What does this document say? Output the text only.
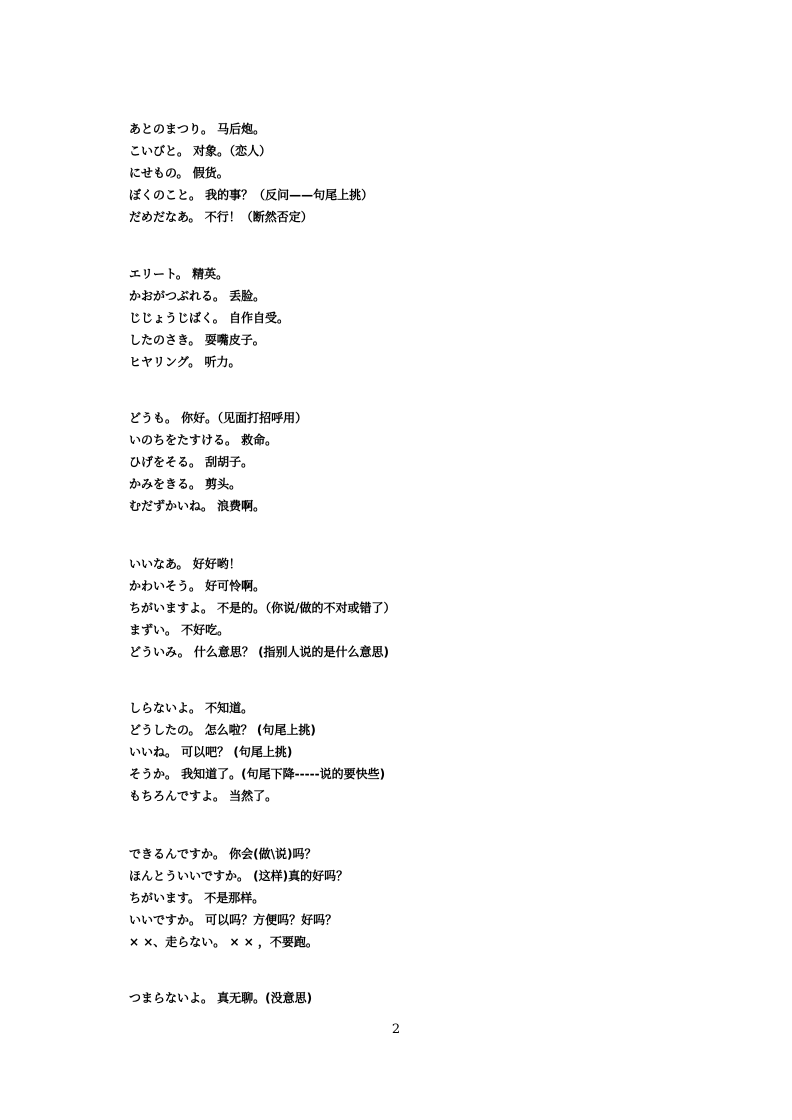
あとのまつり。 马后炮。
こいびと。 对象。（恋人）
にせもの。 假货。
ぼくのこと。 我的事？（反问——句尾上挑）
だめだなあ。 不行！（断然否定）
エリート。 精英。
かおがつぶれる。 丢脸。
じじょうじばく。 自作自受。
したのさき。 耍嘴皮子。
ヒヤリング。 听力。
どうも。 你好。（见面打招呼用）
いのちをたすける。 救命。
ひげをそる。 刮胡子。
かみをきる。 剪头。
むだずかいね。 浪费啊。
いいなあ。 好好哟！
かわいそう。 好可怜啊。
ちがいますよ。 不是的。（你说/做的不对或错了）
まずい。 不好吃。
どういみ。 什么意思？ (指别人说的是什么意思)
しらないよ。 不知道。
どうしたの。 怎么啦？ (句尾上挑)
いいね。 可以吧？ (句尾上挑)
そうか。 我知道了。(句尾下降-----说的要快些)
もちろんですよ。 当然了。
できるんですか。 你会(做\说)吗？
ほんとういいですか。 (这样)真的好吗？
ちがいます。 不是那样。
いいですか。 可以吗？方便吗？好吗？
× ×、走らない。 × × ，不要跑。
つまらないよ。 真无聊。(没意思)
2
